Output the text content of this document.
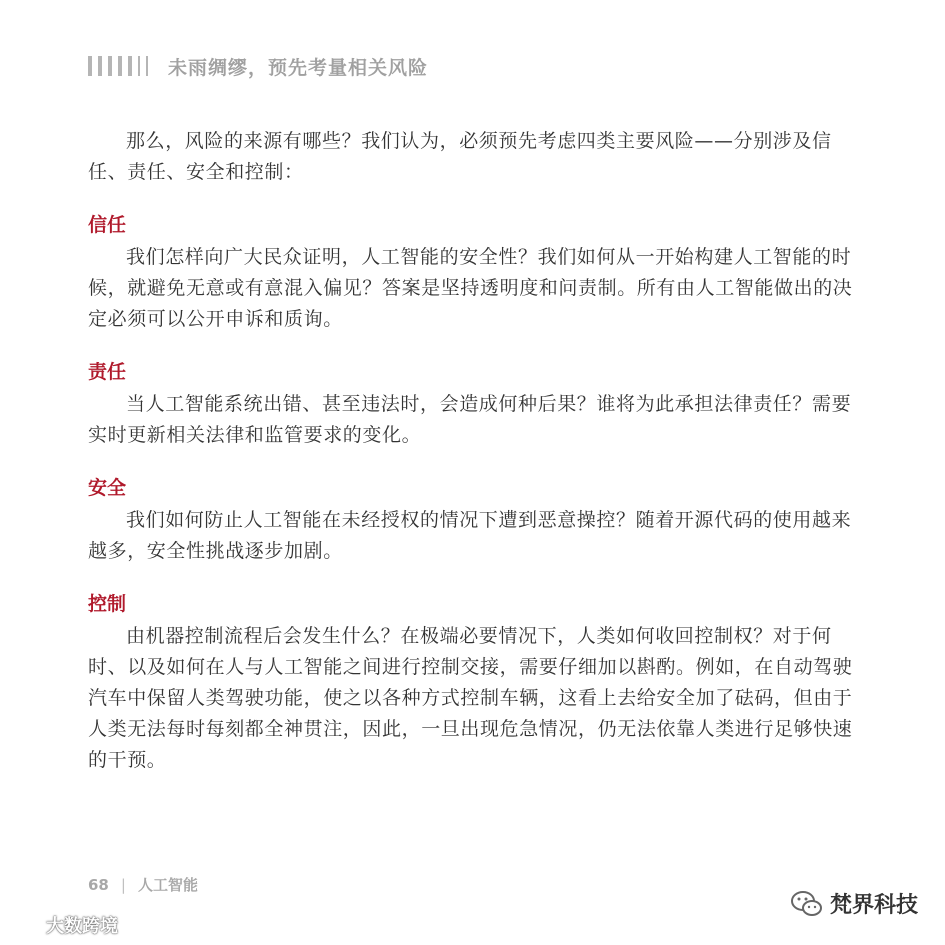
未雨绸缪，预先考量相关风险

那么，风险的来源有哪些？我们认为，必须预先考虑四类主要风险——分别涉及信任、责任、安全和控制：

信任

我们怎样向广大民众证明，人工智能的安全性？我们如何从一开始构建人工智能的时候，就避免无意或有意混入偏见？答案是坚持透明度和问责制。所有由人工智能做出的决定必须可以公开申诉和质询。

责任

当人工智能系统出错、甚至违法时，会造成何种后果？谁将为此承担法律责任？需要实时更新相关法律和监管要求的变化。

安全

我们如何防止人工智能在未经授权的情况下遭到恶意操控？随着开源代码的使用越来越多，安全性挑战逐步加剧。

控制

由机器控制流程后会发生什么？在极端必要情况下，人类如何收回控制权？对于何时、以及如何在人与人工智能之间进行控制交接，需要仔细加以斟酌。例如，在自动驾驶汽车中保留人类驾驶功能，使之以各种方式控制车辆，这看上去给安全加了砝码，但由于人类无法每时每刻都全神贯注，因此，一旦出现危急情况，仍无法依靠人类进行足够快速的干预。

68 | 人工智能
大数跨境
梵界科技
